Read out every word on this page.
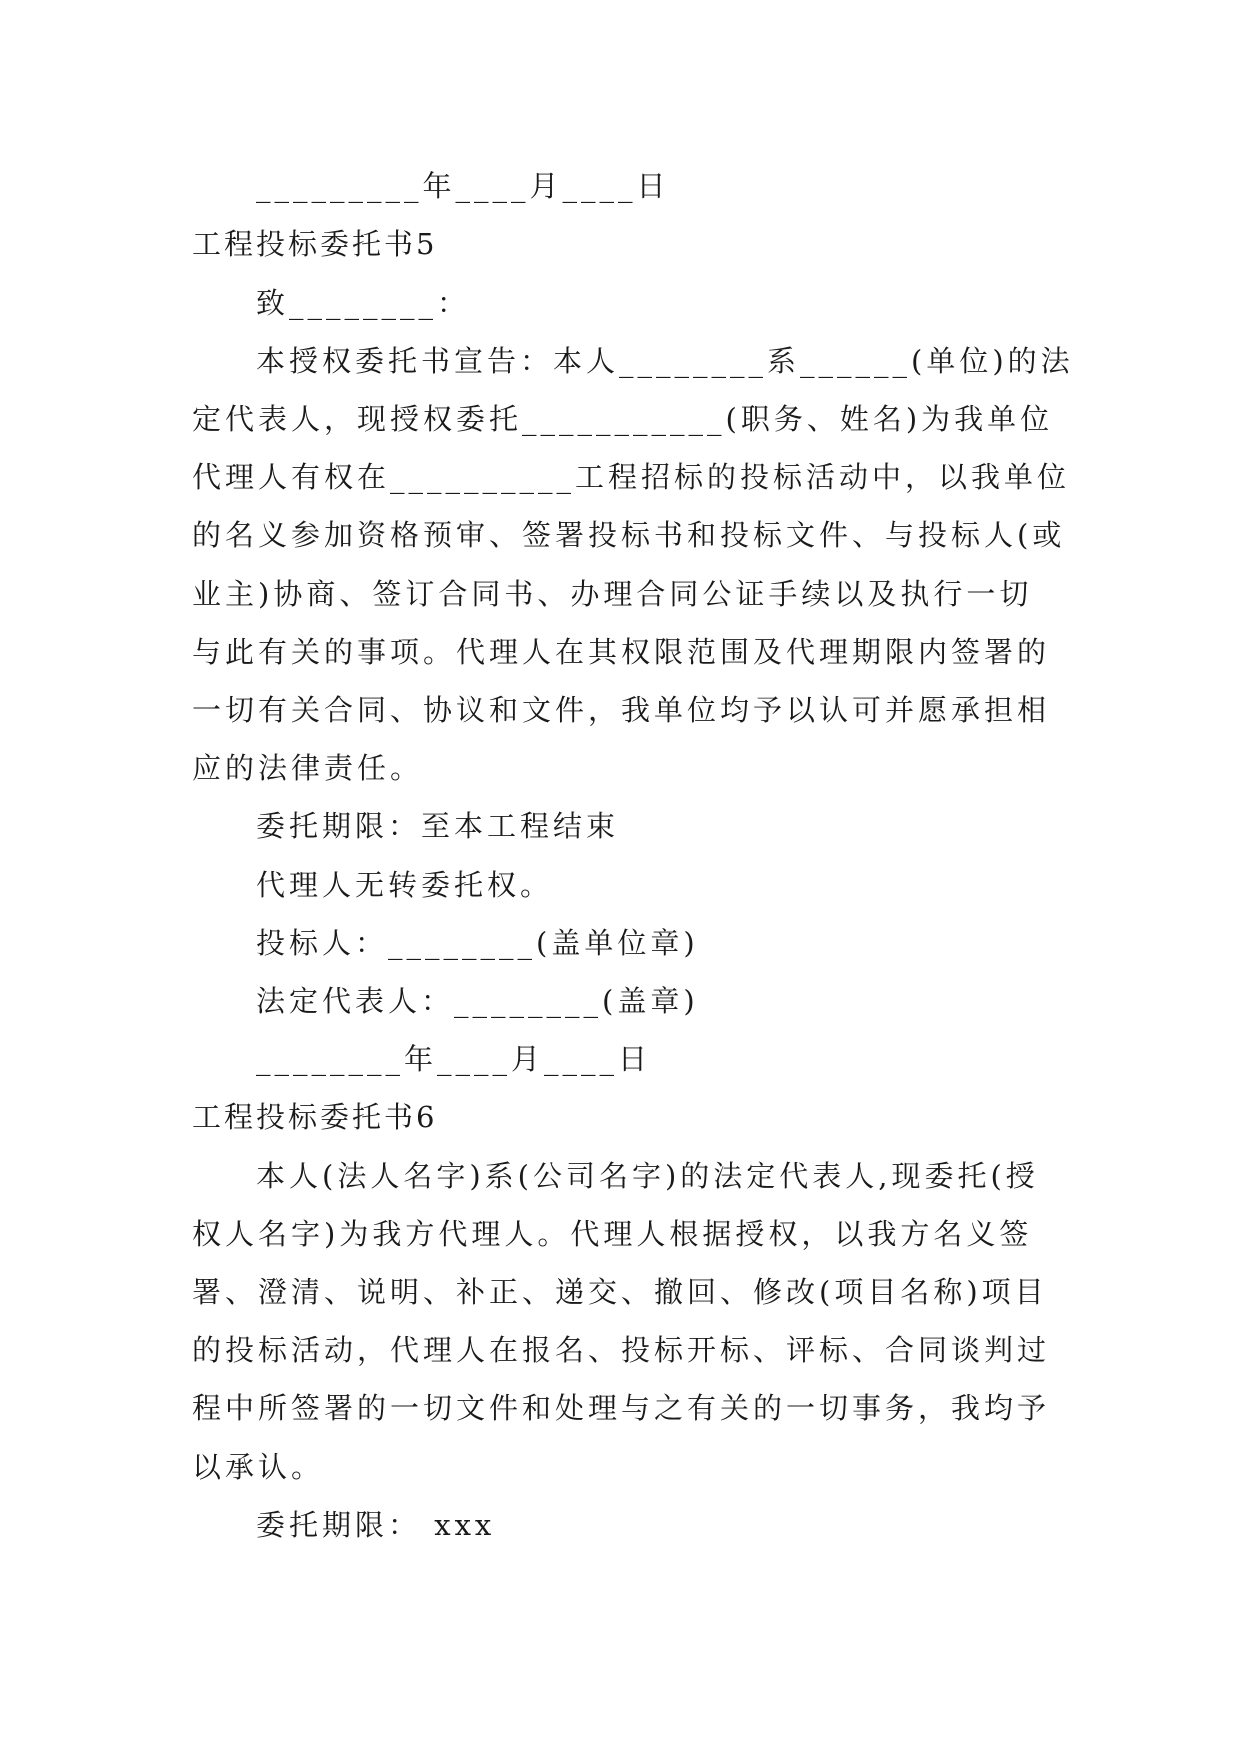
_________年____月____日
工程投标委托书5
致________：
本授权委托书宣告：本人________系______(单位)的法
定代表人，现授权委托___________(职务、姓名)为我单位
代理人有权在__________工程招标的投标活动中，以我单位
的名义参加资格预审、签署投标书和投标文件、与投标人(或
业主)协商、签订合同书、办理合同公证手续以及执行一切
与此有关的事项。代理人在其权限范围及代理期限内签署的
一切有关合同、协议和文件，我单位均予以认可并愿承担相
应的法律责任。
委托期限：至本工程结束
代理人无转委托权。
投标人：________(盖单位章)
法定代表人：________(盖章)
________年____月____日
工程投标委托书6
本人(法人名字)系(公司名字)的法定代表人,现委托(授
权人名字)为我方代理人。代理人根据授权，以我方名义签
署、澄清、说明、补正、递交、撤回、修改(项目名称)项目
的投标活动，代理人在报名、投标开标、评标、合同谈判过
程中所签署的一切文件和处理与之有关的一切事务，我均予
以承认。
委托期限： xxx
